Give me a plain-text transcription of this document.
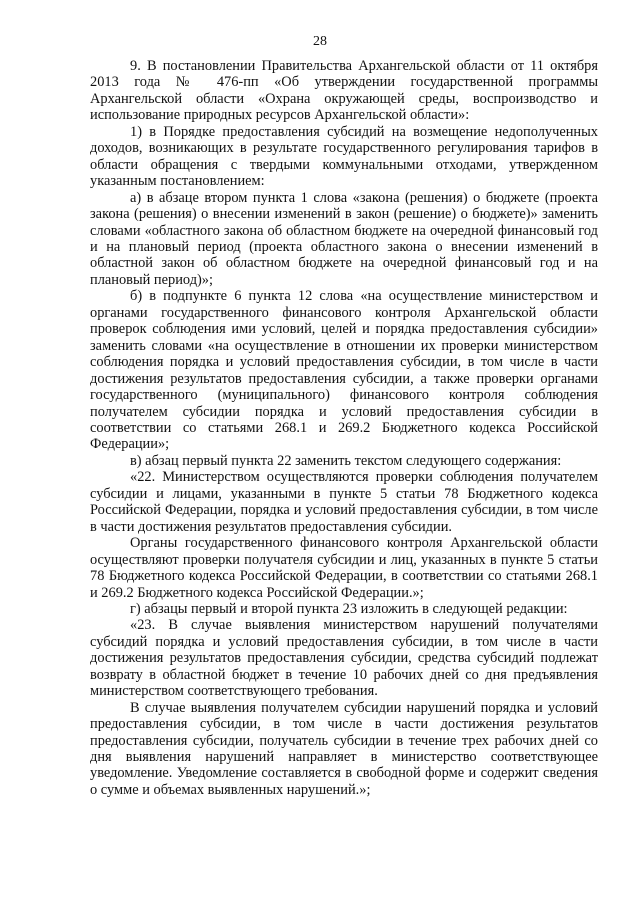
28

9. В постановлении Правительства Архангельской области от 11 октября 2013 года № 476-пп «Об утверждении государственной программы Архангельской области «Охрана окружающей среды, воспроизводство и использование природных ресурсов Архангельской области»:

1) в Порядке предоставления субсидий на возмещение недополученных доходов, возникающих в результате государственного регулирования тарифов в области обращения с твердыми коммунальными отходами, утвержденном указанным постановлением:

а) в абзаце втором пункта 1 слова «закона (решения) о бюджете (проекта закона (решения) о внесении изменений в закон (решение) о бюджете)» заменить словами «областного закона об областном бюджете на очередной финансовый год и на плановый период (проекта областного закона о внесении изменений в областной закон об областном бюджете на очередной финансовый год и на плановый период)»;

б) в подпункте 6 пункта 12 слова «на осуществление министерством и органами государственного финансового контроля Архангельской области проверок соблюдения ими условий, целей и порядка предоставления субсидии» заменить словами «на осуществление в отношении их проверки министерством соблюдения порядка и условий предоставления субсидии, в том числе в части достижения результатов предоставления субсидии, а также проверки органами государственного (муниципального) финансового контроля соблюдения получателем субсидии порядка и условий предоставления субсидии в соответствии со статьями 268.1 и 269.2 Бюджетного кодекса Российской Федерации»;

в) абзац первый пункта 22 заменить текстом следующего содержания:

«22. Министерством осуществляются проверки соблюдения получателем субсидии и лицами, указанными в пункте 5 статьи 78 Бюджетного кодекса Российской Федерации, порядка и условий предоставления субсидии, в том числе в части достижения результатов предоставления субсидии.

Органы государственного финансового контроля Архангельской области осуществляют проверки получателя субсидии и лиц, указанных в пункте 5 статьи 78 Бюджетного кодекса Российской Федерации, в соответствии со статьями 268.1 и 269.2 Бюджетного кодекса Российской Федерации.»;

г) абзацы первый и второй пункта 23 изложить в следующей редакции:

«23. В случае выявления министерством нарушений получателями субсидий порядка и условий предоставления субсидии, в том числе в части достижения результатов предоставления субсидии, средства субсидий подлежат возврату в областной бюджет в течение 10 рабочих дней со дня предъявления министерством соответствующего требования.

В случае выявления получателем субсидии нарушений порядка и условий предоставления субсидии, в том числе в части достижения результатов предоставления субсидии, получатель субсидии в течение трех рабочих дней со дня выявления нарушений направляет в министерство соответствующее уведомление. Уведомление составляется в свободной форме и содержит сведения о сумме и объемах выявленных нарушений.»;
